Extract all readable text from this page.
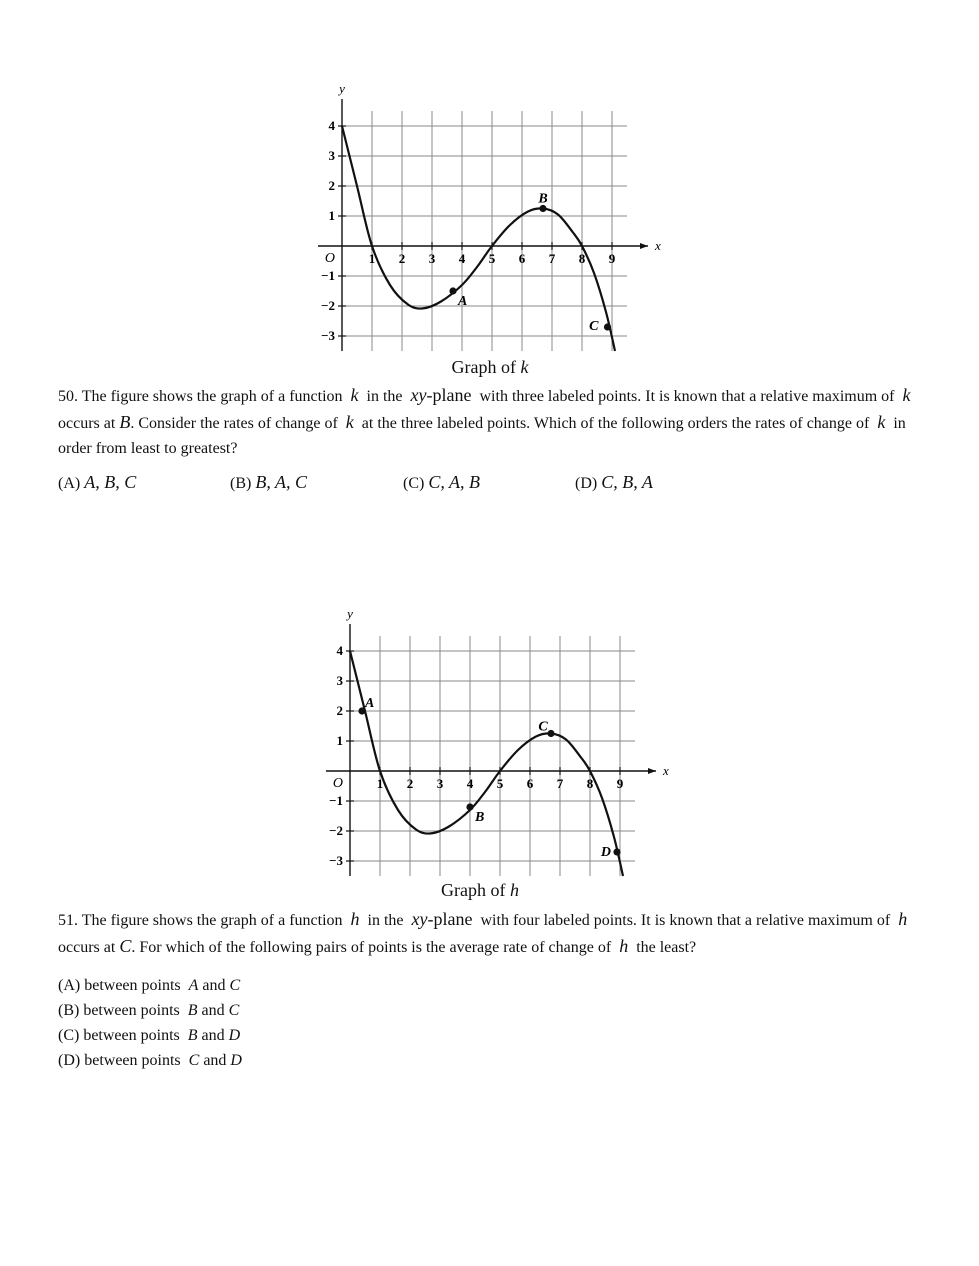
1 2 3 4 5 6 7 8 9
4
3
2
1
−1
−2
−3
O
x
y
A
B
C
Graph of k
50. The figure shows the graph of a function k in the xy-plane with three labeled points. It is known that a relative maximum of k  occurs at B. Consider the rates of change of k at the three labeled points. Which of the following orders the rates of change of k in order from least to greatest?
(A) A, B, C	(B) B, A, C	(C) C, A, B	(D) C, B, A
1 2 3 4 5 6 7 8 9
4
3
2
1
−1
−2
−3
O
x
y
A
B
C
D
Graph of h
51. The figure shows the graph of a function h in the xy-plane with four labeled points. It is known that a relative maximum of h  occurs at C. For which of the following pairs of points is the average rate of change of h the least?
(A) between points A and C
(B) between points B and C
(C) between points B and D
(D) between points C and D
